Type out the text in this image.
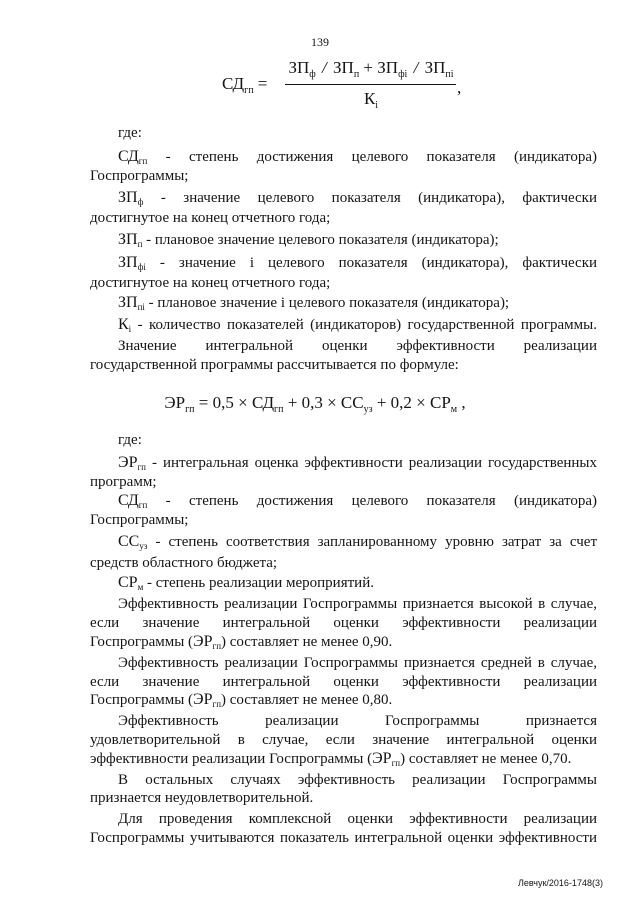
139
$СД_{гп}$ =
$ЗП_ф / ЗП_п + ЗП_{фi} / ЗП_{пi}$
$К_i$
,
где:
$СД_{гп}$ - степень достижения целевого показателя (индикатора)
Госпрограммы;
$ЗП_ф$ - значение целевого показателя (индикатора), фактически
достигнутое на конец отчетного года;
$ЗП_п$ - плановое значение целевого показателя (индикатора);
$ЗП_{фi}$ - значение i целевого показателя (индикатора), фактически
достигнутое на конец отчетного года;
$ЗП_{пi}$ - плановое значение i целевого показателя (индикатора);
$К_i$ - количество показателей (индикаторов) государственной программы.
Значение интегральной оценки эффективности реализации
государственной программы рассчитывается по формуле:
$ЭР_{гп} = 0,5 \times СД_{гп} + 0,3 \times СС_{уз} + 0,2 \times СР_м$ ,
где:
$ЭР_{гп}$ - интегральная оценка эффективности реализации государственных
программ;
$СД_{гп}$ - степень достижения целевого показателя (индикатора)
Госпрограммы;
$СС_{уз}$ - степень соответствия запланированному уровню затрат за счет
средств областного бюджета;
$СР_м$ - степень реализации мероприятий.
Эффективность реализации Госпрограммы признается высокой в случае,
если значение интегральной оценки эффективности реализации
Госпрограммы $(ЭР_{гп})$ составляет не менее 0,90.
Эффективность реализации Госпрограммы признается средней в случае,
если значение интегральной оценки эффективности реализации
Госпрограммы $(ЭР_{гп})$ составляет не менее 0,80.
Эффективность реализации Госпрограммы признается
удовлетворительной в случае, если значение интегральной оценки
эффективности реализации Госпрограммы $(ЭР_{гп})$ составляет не менее 0,70.
В остальных случаях эффективность реализации Госпрограммы
признается неудовлетворительной.
Для проведения комплексной оценки эффективности реализации
Госпрограммы учитываются показатель интегральной оценки эффективности
Левчук/2016-1748(3)
